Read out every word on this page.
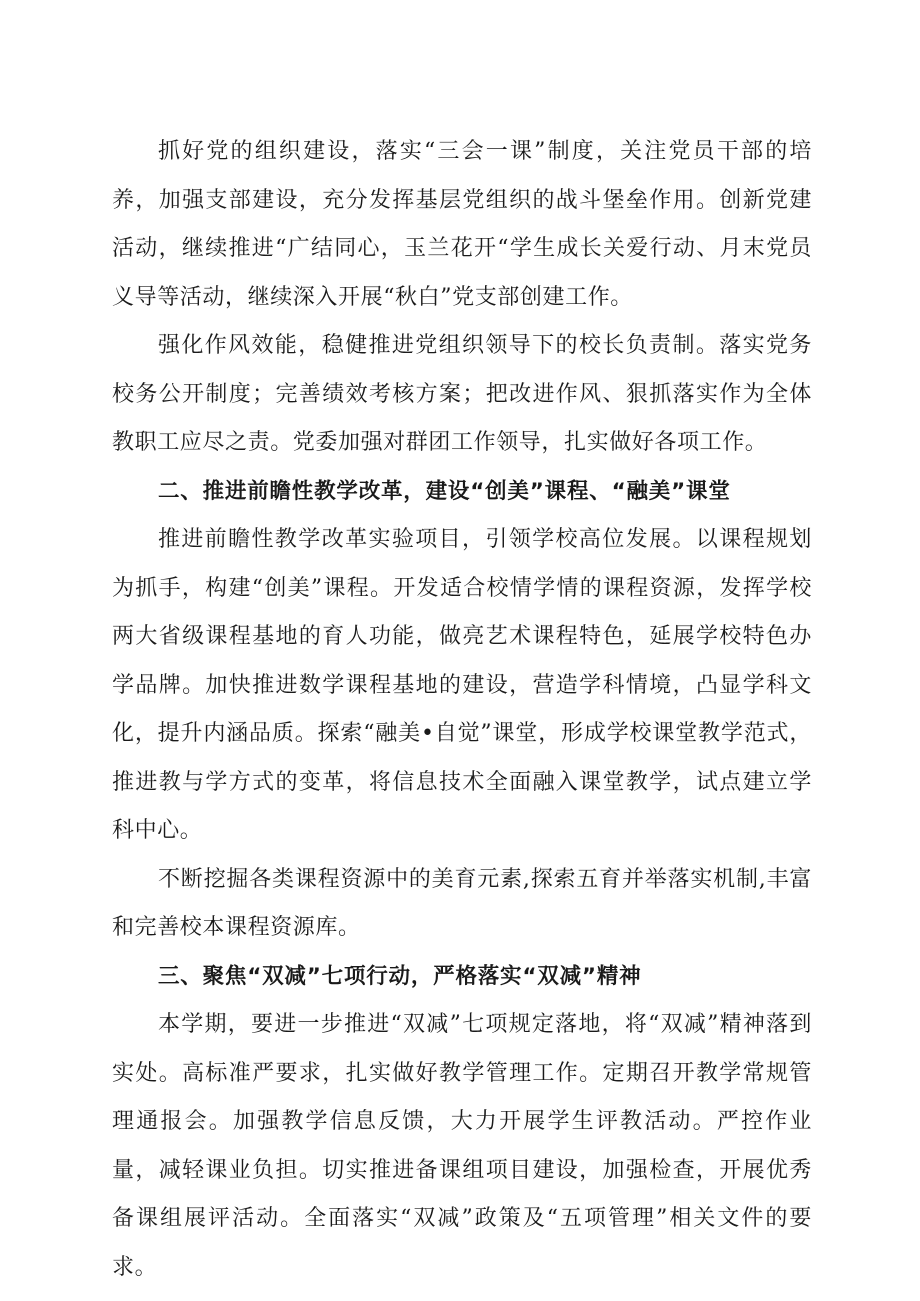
抓好党的组织建设，落实“三会一课”制度，关注党员干部的培养，加强支部建设，充分发挥基层党组织的战斗堡垒作用。创新党建活动，继续推进“广结同心，玉兰花开“学生成长关爱行动、月末党员义导等活动，继续深入开展“秋白”党支部创建工作。

强化作风效能，稳健推进党组织领导下的校长负责制。落实党务校务公开制度；完善绩效考核方案；把改进作风、狠抓落实作为全体教职工应尽之责。党委加强对群团工作领导，扎实做好各项工作。

二、推进前瞻性教学改革，建设“创美”课程、“融美”课堂

推进前瞻性教学改革实验项目，引领学校高位发展。以课程规划为抓手，构建“创美”课程。开发适合校情学情的课程资源，发挥学校两大省级课程基地的育人功能，做亮艺术课程特色，延展学校特色办学品牌。加快推进数学课程基地的建设，营造学科情境，凸显学科文化，提升内涵品质。探索“融美•自觉”课堂，形成学校课堂教学范式，推进教与学方式的变革，将信息技术全面融入课堂教学，试点建立学科中心。

不断挖掘各类课程资源中的美育元素,探索五育并举落实机制,丰富和完善校本课程资源库。

三、聚焦“双减”七项行动，严格落实“双减”精神

本学期，要进一步推进“双减”七项规定落地，将“双减”精神落到实处。高标准严要求，扎实做好教学管理工作。定期召开教学常规管理通报会。加强教学信息反馈，大力开展学生评教活动。严控作业量，减轻课业负担。切实推进备课组项目建设，加强检查，开展优秀备课组展评活动。全面落实“双减”政策及“五项管理”相关文件的要求。
